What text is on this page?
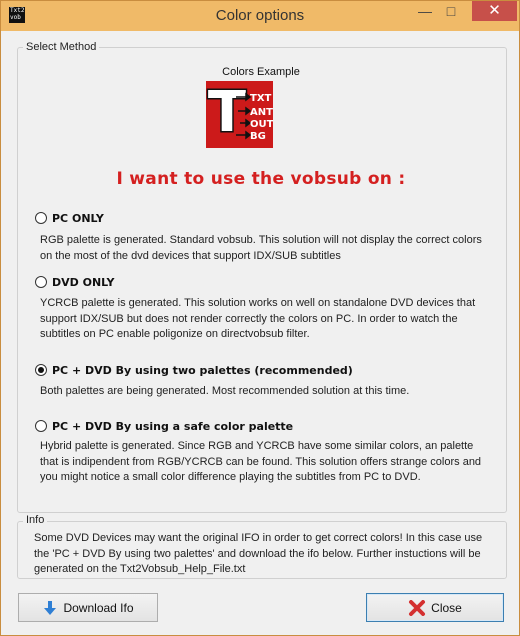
Txt2
vob	Color options	—	□	✕
Select Method
Colors Example
T TXT
ANT
OUT
BG
I want to use the vobsub on :
PC ONLY
RGB palette is generated. Standard vobsub. This solution will not display the correct colors on the most of the dvd devices that support IDX/SUB subtitles
DVD ONLY
YCRCB palette is generated. This solution works on well on standalone DVD devices that support IDX/SUB but does not render correctly the colors on PC. In order to watch the subtitles on PC enable poligonize on directvobsub filter.
PC + DVD By using two palettes (recommended)
Both palettes are being generated. Most recommended solution at this time.
PC + DVD By using a safe color palette
Hybrid palette is generated. Since RGB and YCRCB have some similar colors, an palette that is indipendent from RGB/YCRCB can be found. This solution offers strange colors and you might notice a small color difference playing the subtitles from PC to DVD.
Info
Some DVD Devices may want the original IFO in order to get correct colors! In this case use the 'PC + DVD By using two palettes' and download the ifo below. Further instuctions will be generated on the Txt2Vobsub_Help_File.txt
Download Ifo	Close
